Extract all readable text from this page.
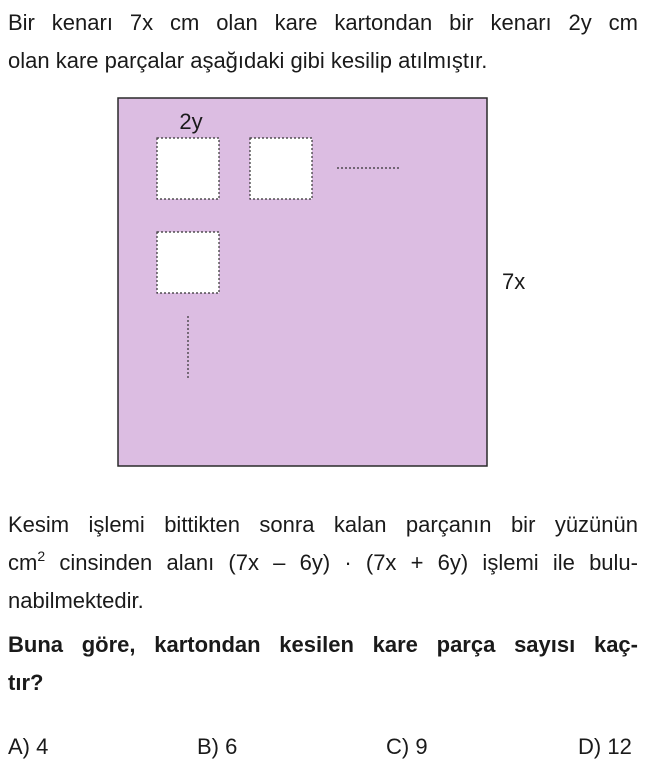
Bir kenarı 7x cm olan kare kartondan bir kenarı 2y cm
olan kare parçalar aşağıdaki gibi kesilip atılmıştır.

2y
7x

Kesim işlemi bittikten sonra kalan parçanın bir yüzünün
$cm^2$ cinsinden alanı (7x – 6y) · (7x + 6y) işlemi ile bulu-
nabilmektedir.

Buna göre, kartondan kesilen kare parça sayısı kaç-
tır?

A) 4	B) 6	C) 9	D) 12
